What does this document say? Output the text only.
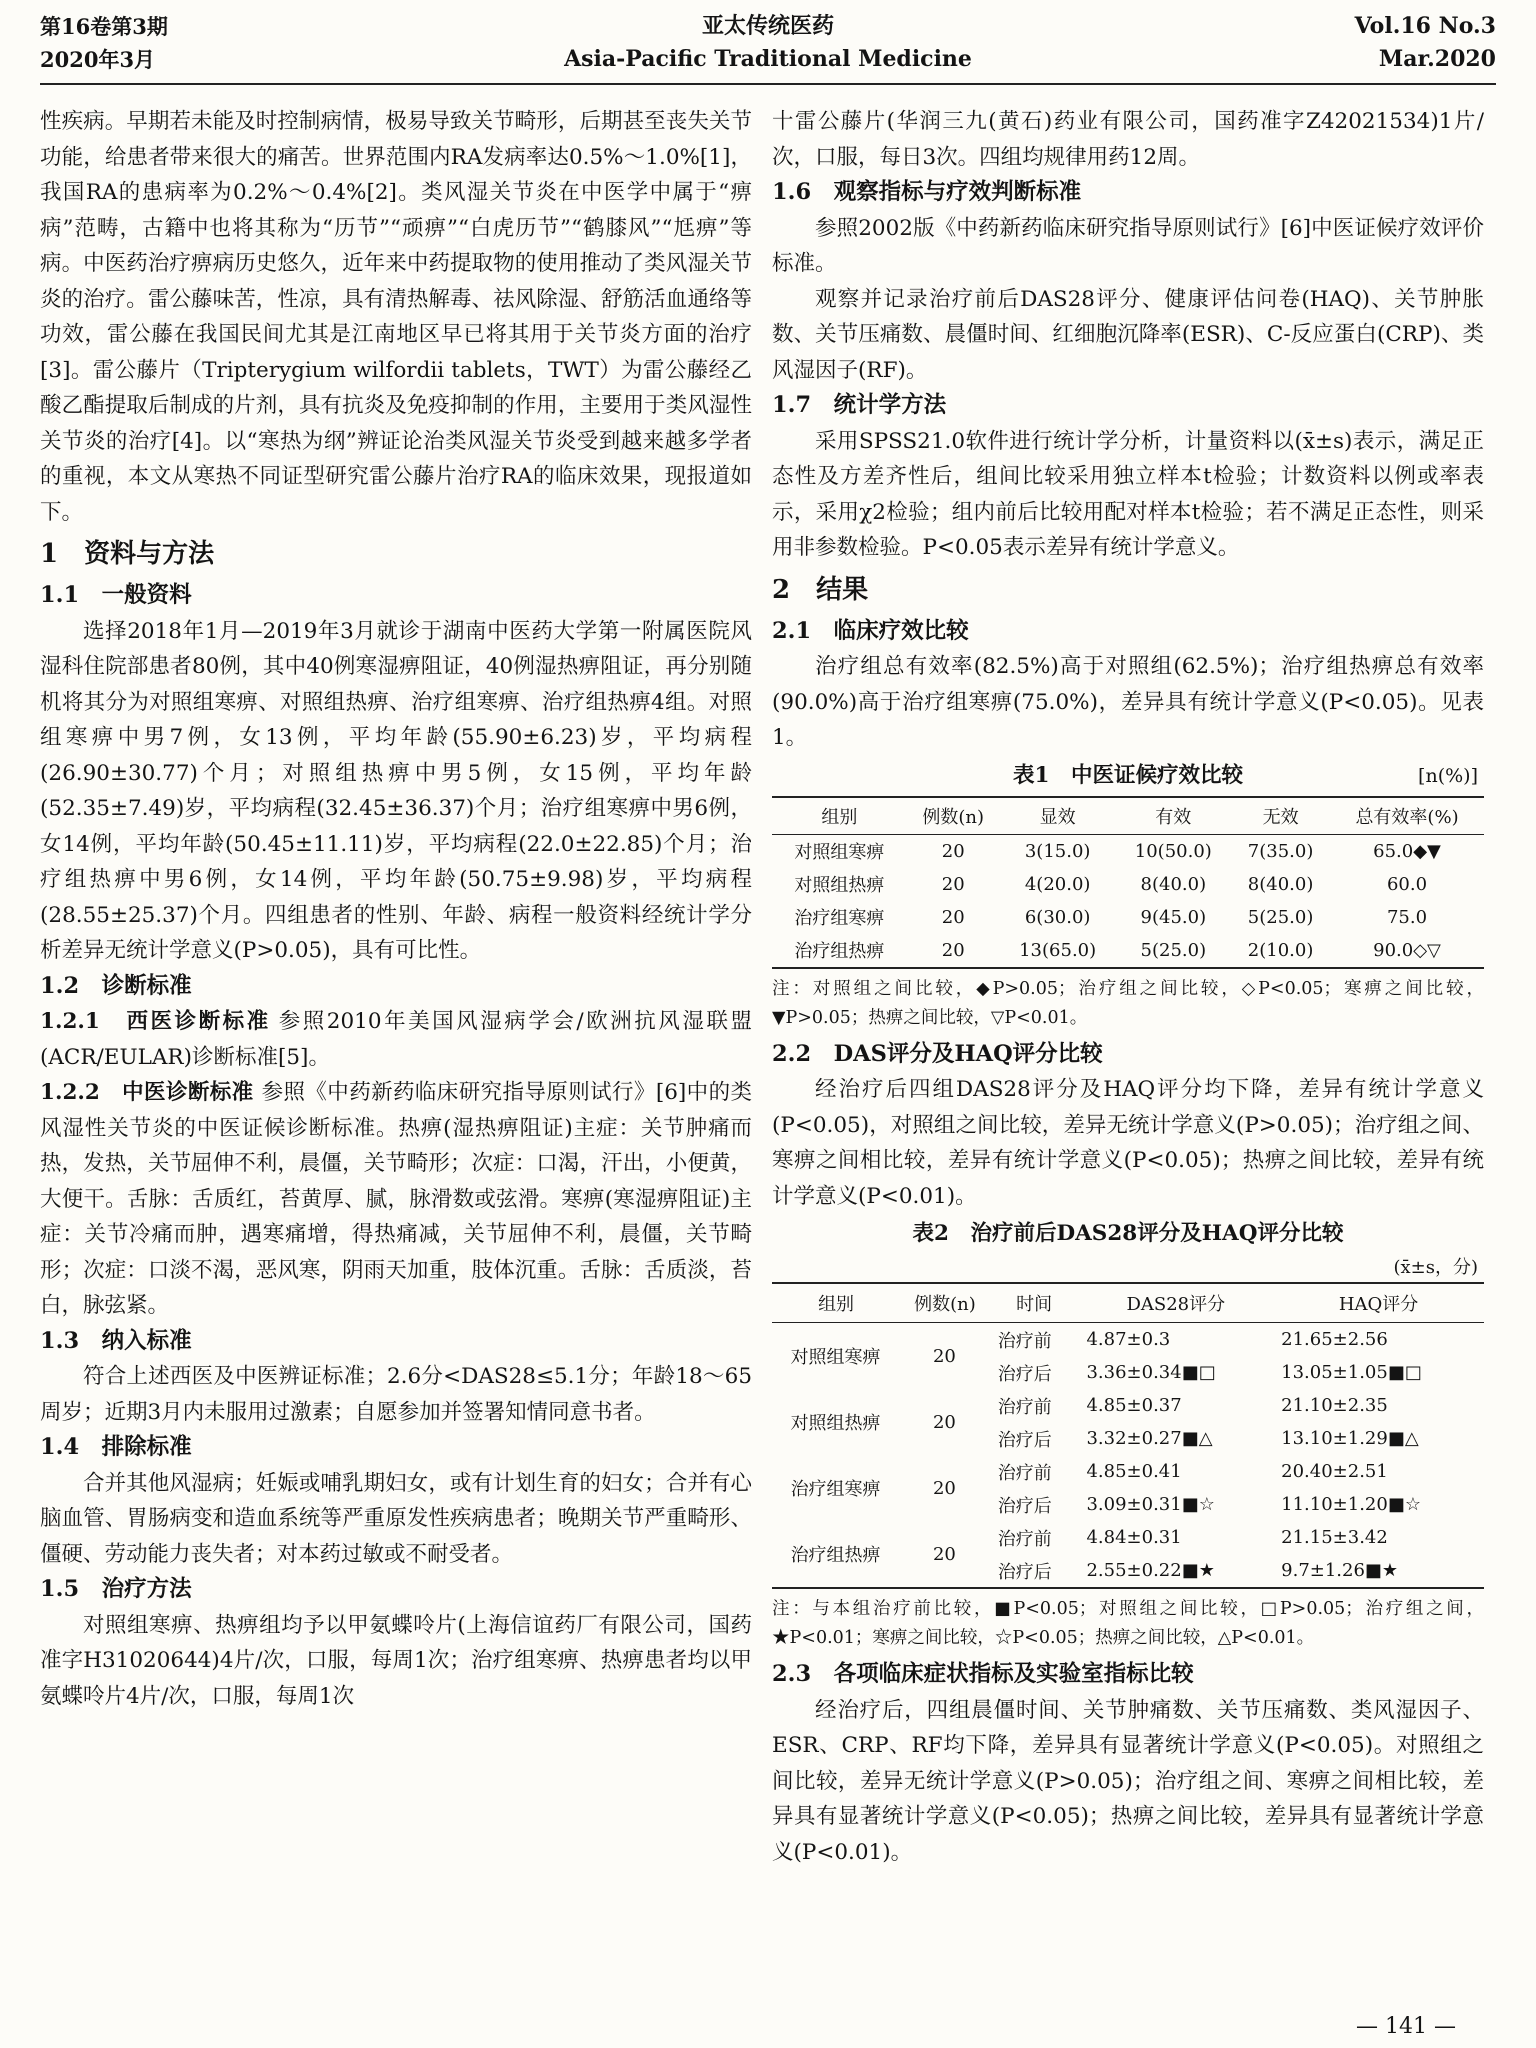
第16卷第3期
2020年3月
亚太传统医药
Asia-Pacific Traditional Medicine
Vol.16 No.3
Mar.2020

性疾病。早期若未能及时控制病情，极易导致关节畸形，后期甚至丧失关节功能，给患者带来很大的痛苦。世界范围内RA发病率达0.5%～1.0%[1]，我国RA的患病率为0.2%～0.4%[2]。类风湿关节炎在中医学中属于“痹病”范畴，古籍中也将其称为“历节”“顽痹”“白虎历节”“鹤膝风”“尪痹”等病。中医药治疗痹病历史悠久，近年来中药提取物的使用推动了类风湿关节炎的治疗。雷公藤味苦，性凉，具有清热解毒、祛风除湿、舒筋活血通络等功效，雷公藤在我国民间尤其是江南地区早已将其用于关节炎方面的治疗[3]。雷公藤片（Tripterygium wilfordii tablets，TWT）为雷公藤经乙酸乙酯提取后制成的片剂，具有抗炎及免疫抑制的作用，主要用于类风湿性关节炎的治疗[4]。以“寒热为纲”辨证论治类风湿关节炎受到越来越多学者的重视，本文从寒热不同证型研究雷公藤片治疗RA的临床效果，现报道如下。

1　资料与方法
1.1　一般资料

选择2018年1月—2019年3月就诊于湖南中医药大学第一附属医院风湿科住院部患者80例，其中40例寒湿痹阻证，40例湿热痹阻证，再分别随机将其分为对照组寒痹、对照组热痹、治疗组寒痹、治疗组热痹4组。对照组寒痹中男7例，女13例，平均年龄(55.90±6.23)岁，平均病程(26.90±30.77)个月；对照组热痹中男5例，女15例，平均年龄(52.35±7.49)岁，平均病程(32.45±36.37)个月；治疗组寒痹中男6例，女14例，平均年龄(50.45±11.11)岁，平均病程(22.0±22.85)个月；治疗组热痹中男6例，女14例，平均年龄(50.75±9.98)岁，平均病程(28.55±25.37)个月。四组患者的性别、年龄、病程一般资料经统计学分析差异无统计学意义(P>0.05)，具有可比性。

1.2　诊断标准
1.2.1　西医诊断标准 参照2010年美国风湿病学会/欧洲抗风湿联盟(ACR/EULAR)诊断标准[5]。
1.2.2　中医诊断标准 参照《中药新药临床研究指导原则试行》[6]中的类风湿性关节炎的中医证候诊断标准。热痹(湿热痹阻证)主症：关节肿痛而热，发热，关节屈伸不利，晨僵，关节畸形；次症：口渴，汗出，小便黄，大便干。舌脉：舌质红，苔黄厚、腻，脉滑数或弦滑。寒痹(寒湿痹阻证)主症：关节冷痛而肿，遇寒痛增，得热痛减，关节屈伸不利，晨僵，关节畸形；次症：口淡不渴，恶风寒，阴雨天加重，肢体沉重。舌脉：舌质淡，苔白，脉弦紧。
1.3　纳入标准

符合上述西医及中医辨证标准；2.6分<DAS28≤5.1分；年龄18～65周岁；近期3月内未服用过激素；自愿参加并签署知情同意书者。

1.4　排除标准

合并其他风湿病；妊娠或哺乳期妇女，或有计划生育的妇女；合并有心脑血管、胃肠病变和造血系统等严重原发性疾病患者；晚期关节严重畸形、僵硬、劳动能力丧失者；对本药过敏或不耐受者。

1.5　治疗方法

对照组寒痹、热痹组均予以甲氨蝶呤片(上海信谊药厂有限公司，国药准字H31020644)4片/次，口服，每周1次；治疗组寒痹、热痹患者均以甲氨蝶呤片4片/次，口服，每周1次

十雷公藤片(华润三九(黄石)药业有限公司，国药准字Z42021534)1片/次，口服，每日3次。四组均规律用药12周。

1.6　观察指标与疗效判断标准

参照2002版《中药新药临床研究指导原则试行》[6]中医证候疗效评价标准。

观察并记录治疗前后DAS28评分、健康评估问卷(HAQ)、关节肿胀数、关节压痛数、晨僵时间、红细胞沉降率(ESR)、C-反应蛋白(CRP)、类风湿因子(RF)。

1.7　统计学方法

采用SPSS21.0软件进行统计学分析，计量资料以(x̄±s)表示，满足正态性及方差齐性后，组间比较采用独立样本t检验；计数资料以例或率表示，采用χ2检验；组内前后比较用配对样本t检验；若不满足正态性，则采用非参数检验。P<0.05表示差异有统计学意义。

2　结果
2.1　临床疗效比较

治疗组总有效率(82.5%)高于对照组(62.5%)；治疗组热痹总有效率(90.0%)高于治疗组寒痹(75.0%)，差异具有统计学意义(P<0.05)。见表1。

表1　中医证候疗效比较	[n(%)]
组别	例数(n)	显效	有效	无效	总有效率(%)
对照组寒痹	20	3(15.0)	10(50.0)	7(35.0)	65.0◆▼
对照组热痹	20	4(20.0)	8(40.0)	8(40.0)	60.0
治疗组寒痹	20	6(30.0)	9(45.0)	5(25.0)	75.0
治疗组热痹	20	13(65.0)	5(25.0)	2(10.0)	90.0◇▽
注：对照组之间比较，◆P>0.05；治疗组之间比较，◇P<0.05；寒痹之间比较，▼P>0.05；热痹之间比较，▽P<0.01。
2.2　DAS评分及HAQ评分比较

经治疗后四组DAS28评分及HAQ评分均下降，差异有统计学意义(P<0.05)，对照组之间比较，差异无统计学意义(P>0.05)；治疗组之间、寒痹之间相比较，差异有统计学意义(P<0.05)；热痹之间比较，差异有统计学意义(P<0.01)。

表2　治疗前后DAS28评分及HAQ评分比较
(x̄±s，分)
组别	例数(n)	时间	DAS28评分	HAQ评分
对照组寒痹	20	治疗前	4.87±0.3	21.65±2.56
		治疗后	3.36±0.34■□	13.05±1.05■□
对照组热痹	20	治疗前	4.85±0.37	21.10±2.35
		治疗后	3.32±0.27■△	13.10±1.29■△
治疗组寒痹	20	治疗前	4.85±0.41	20.40±2.51
		治疗后	3.09±0.31■☆	11.10±1.20■☆
治疗组热痹	20	治疗前	4.84±0.31	21.15±3.42
		治疗后	2.55±0.22■★	9.7±1.26■★
注：与本组治疗前比较，■P<0.05；对照组之间比较，□P>0.05；治疗组之间，★P<0.01；寒痹之间比较，☆P<0.05；热痹之间比较，△P<0.01。
2.3　各项临床症状指标及实验室指标比较

经治疗后，四组晨僵时间、关节肿痛数、关节压痛数、类风湿因子、ESR、CRP、RF均下降，差异具有显著统计学意义(P<0.05)。对照组之间比较，差异无统计学意义(P>0.05)；治疗组之间、寒痹之间相比较，差异具有显著统计学意义(P<0.05)；热痹之间比较，差异具有显著统计学意义(P<0.01)。

— 141 —
